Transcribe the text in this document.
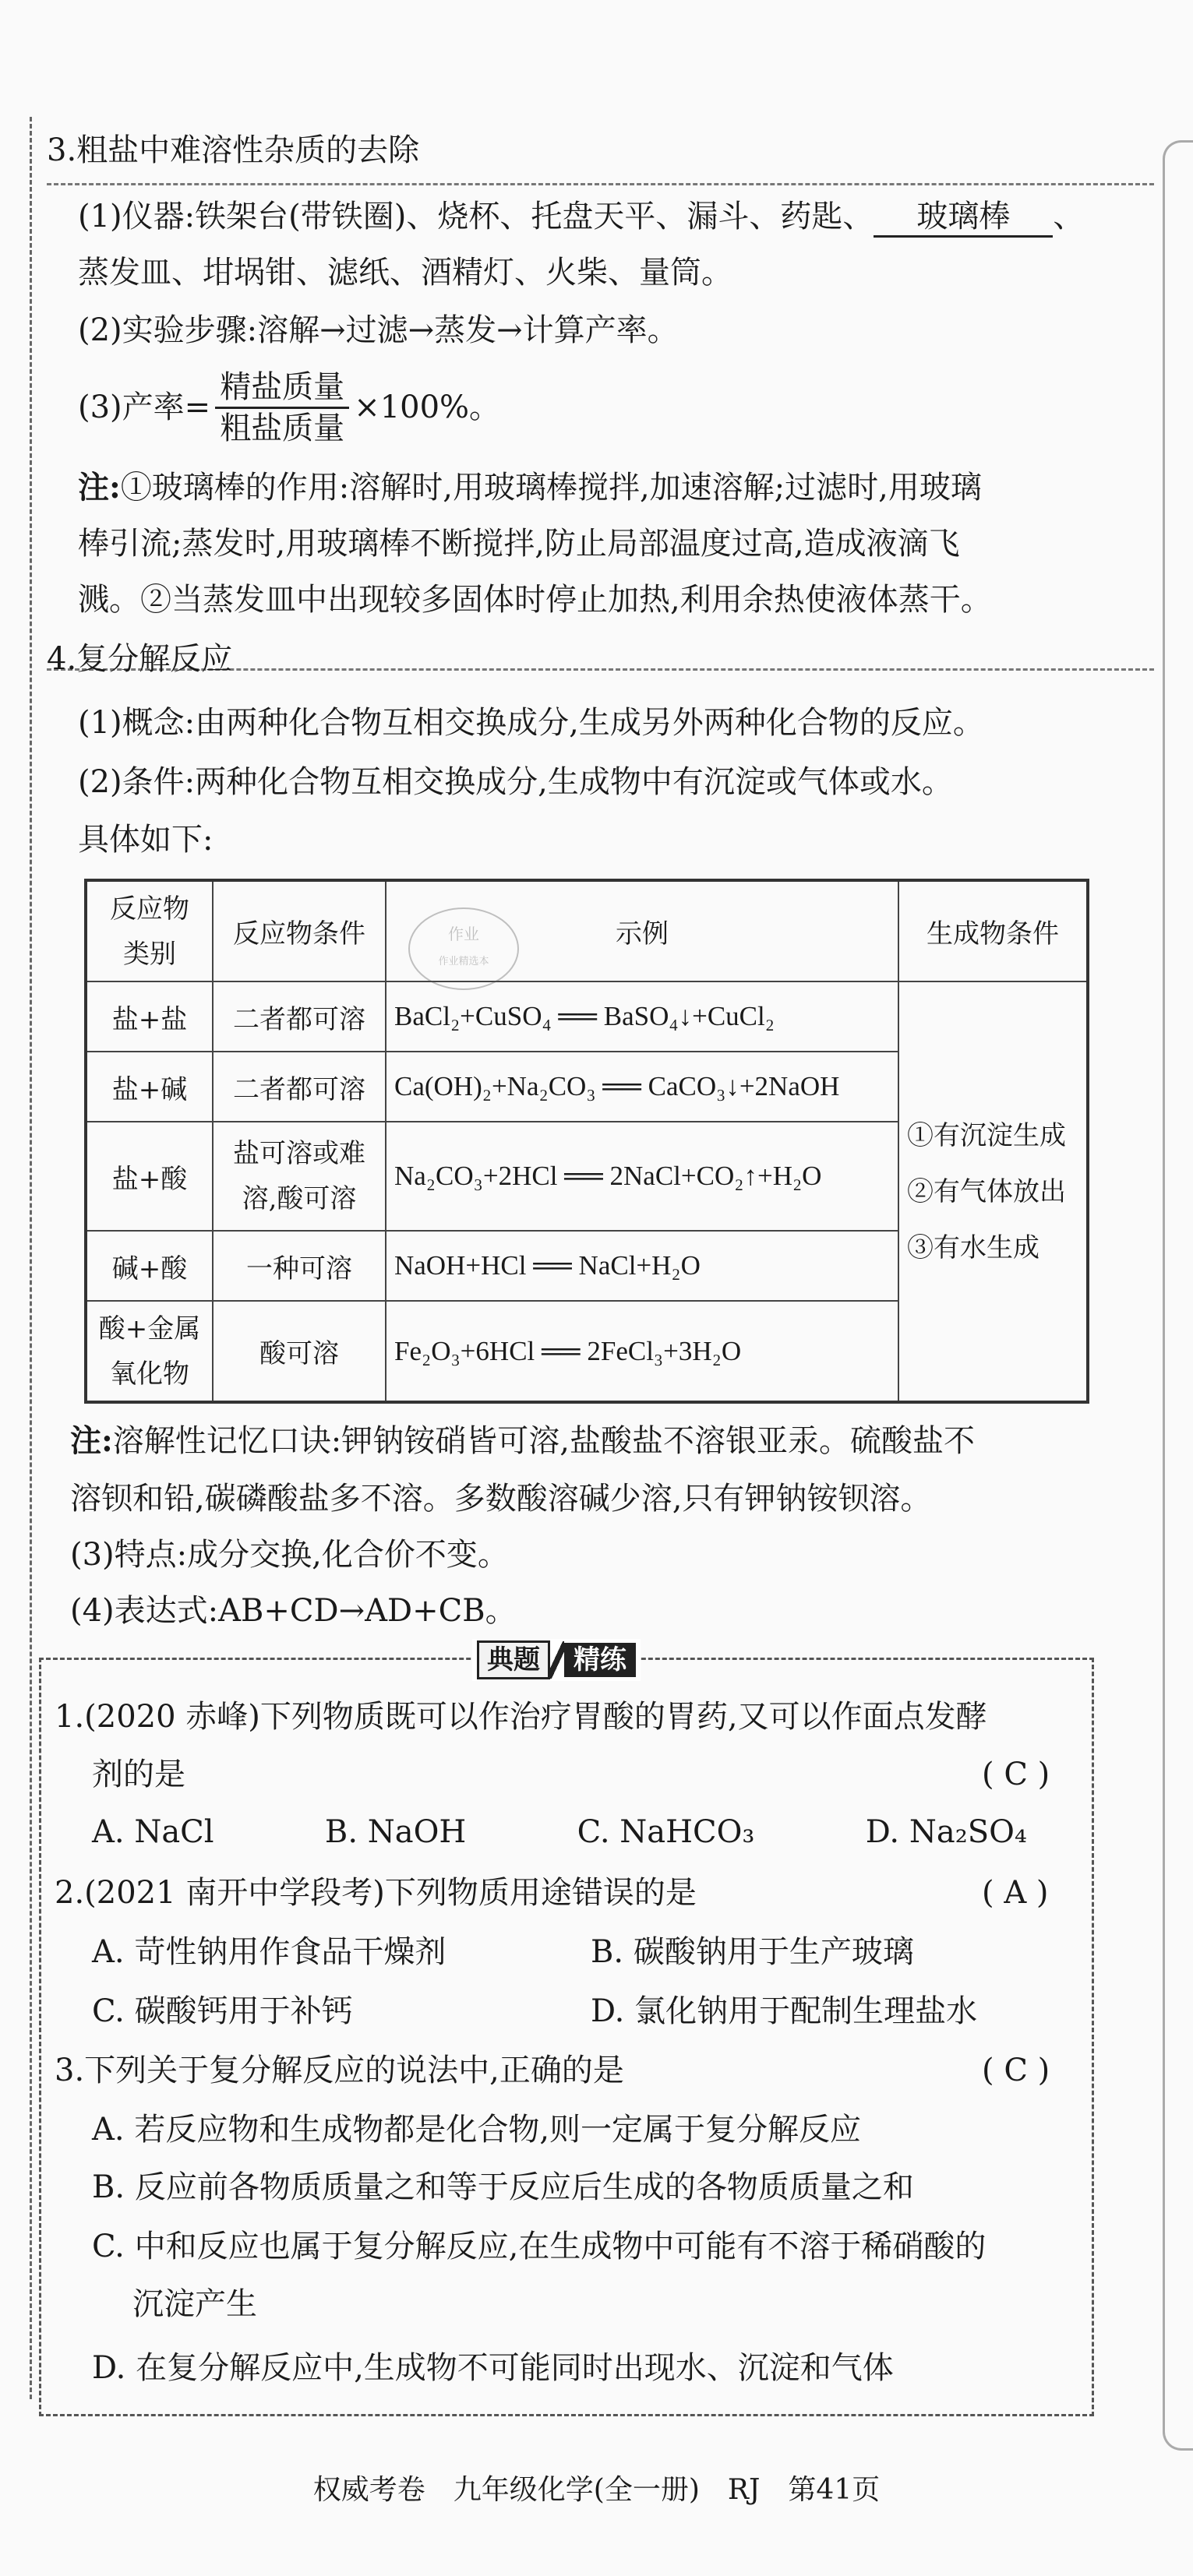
3.粗盐中难溶性杂质的去除
(1)仪器:铁架台(带铁圈)、烧杯、托盘天平、漏斗、药匙、 玻璃棒 、
蒸发皿、坩埚钳、滤纸、酒精灯、火柴、量筒。
(2)实验步骤:溶解→过滤→蒸发→计算产率。
(3)产率= $\frac{\text{精盐质量}}{\text{粗盐质量}} \times 100\%$。
注:①玻璃棒的作用:溶解时,用玻璃棒搅拌,加速溶解;过滤时,用玻璃
棒引流;蒸发时,用玻璃棒不断搅拌,防止局部温度过高,造成液滴飞
溅。②当蒸发皿中出现较多固体时停止加热,利用余热使液体蒸干。
4.复分解反应
(1)概念:由两种化合物互相交换成分,生成另外两种化合物的反应。
(2)条件:两种化合物互相交换成分,生成物中有沉淀或气体或水。
具体如下:
反应物
类别	反应物条件	示例	生成物条件
盐+盐	二者都可溶	BaCl₂+CuSO₄ ══ BaSO₄↓+CuCl₂	①有沉淀生成
②有气体放出
③有水生成

盐+碱	二者都可溶	Ca(OH)₂+Na₂CO₃ ══ CaCO₃↓+2NaOH	
盐+酸	盐可溶或难
溶,酸可溶	Na₂CO₃+2HCl ══ 2NaCl+CO₂↑+H₂O	
碱+酸	一种可溶	NaOH+HCl ══ NaCl+H₂O	
酸+金属
氧化物	酸可溶	Fe₂O₃+6HCl ══ 2FeCl₃+3H₂O	
作业
作业精选本
注:溶解性记忆口诀:钾钠铵硝皆可溶,盐酸盐不溶银亚汞。硫酸盐不
溶钡和铅,碳磷酸盐多不溶。多数酸溶碱少溶,只有钾钠铵钡溶。
(3)特点:成分交换,化合价不变。
(4)表达式:AB+CD→AD+CB。
典题	精练
1.(2020 赤峰)下列物质既可以作治疗胃酸的胃药,又可以作面点发酵
剂的是	( C )
A. NaCl	B. NaOH	C. NaHCO₃	D. Na₂SO₄
2.(2021 南开中学段考)下列物质用途错误的是	( A )
A. 苛性钠用作食品干燥剂	B. 碳酸钠用于生产玻璃
C. 碳酸钙用于补钙	D. 氯化钠用于配制生理盐水
3.下列关于复分解反应的说法中,正确的是	( C )
A. 若反应物和生成物都是化合物,则一定属于复分解反应
B. 反应前各物质质量之和等于反应后生成的各物质质量之和
C. 中和反应也属于复分解反应,在生成物中可能有不溶于稀硝酸的
沉淀产生
D. 在复分解反应中,生成物不可能同时出现水、沉淀和气体
权威考卷　九年级化学(全一册)　RJ　第41页
